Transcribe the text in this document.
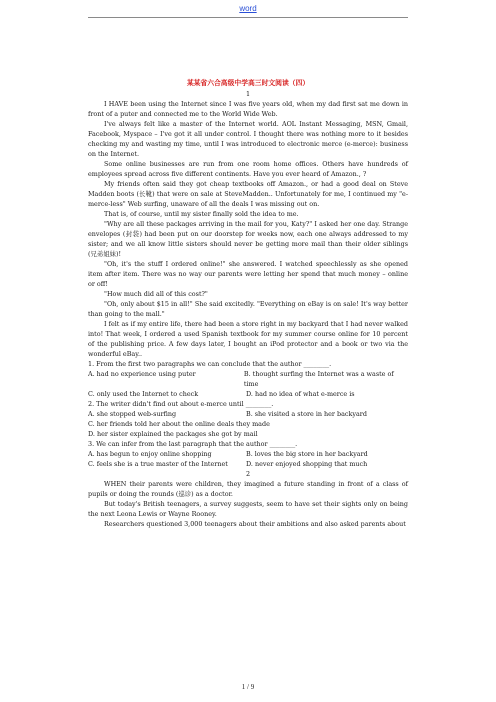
word
某某省六合高级中学高三时文阅读（四）
1

I HAVE been using the Internet since I was five years old, when my dad first sat me down in front of a puter and connected me to the World Wide Web.

I've always felt like a master of the Internet world. AOL Instant Messaging, MSN, Gmail, Facebook, Myspace – I've got it all under control. I thought there was nothing more to it besides checking my and wasting my time, until I was introduced to electronic merce (e-merce): business on the Internet.

Some online businesses are run from one room home offices. Others have hundreds of employees spread across five different continents. Have you ever heard of Amazon., ?

My friends often said they got cheap textbooks off Amazon., or had a good deal on Steve Madden boots (长靴) that were on sale at SteveMadden.. Unfortunately for me, I continued my "e-merce-less" Web surfing, unaware of all the deals I was missing out on.

That is, of course, until my sister finally sold the idea to me.

"Why are all these packages arriving in the mail for you, Katy?" I asked her one day. Strange envelopes (封袋) had been put on our doorstep for weeks now, each one always addressed to my sister; and we all know little sisters should never be getting more mail than their older siblings (兄弟姐妹)!

"Oh, it's the stuff I ordered online!" she answered. I watched speechlessly as she opened item after item. There was no way our parents were letting her spend that much money – online or off!

"How much did all of this cost?"

"Oh, only about $15 in all!" She said excitedly. "Everything on eBay is on sale! It's way better than going to the mall."

I felt as if my entire life, there had been a store right in my backyard that I had never walked into! That week, I ordered a used Spanish textbook for my summer course online for 10 percent of the publishing price. A few days later, I bought an iPod protector and a book or two via the wonderful eBay..

1. From the first two paragraphs we can conclude that the author ________.

A. had no experience using puter	B. thought surfing the Internet was a waste of time
C. only used the Internet to check	D. had no idea of what e-merce is

2. The writer didn't find out about e-merce until ________.

A. she stopped web-surfing	B. she visited a store in her backyard

C. her friends told her about the online deals they made

D. her sister explained the packages she got by mail

3. We can infer from the last paragraph that the author ________.

A. has begun to enjoy online shopping	B. loves the big store in her backyard
C. feels she is a true master of the Internet	D. never enjoyed shopping that much
2

WHEN their parents were children, they imagined a future standing in front of a class of pupils or doing the rounds (巡诊) as a doctor.

But today's British teenagers, a survey suggests, seem to have set their sights only on being the next Leona Lewis or Wayne Rooney.

Researchers questioned 3,000 teenagers about their ambitions and also asked parents about

1 / 9
